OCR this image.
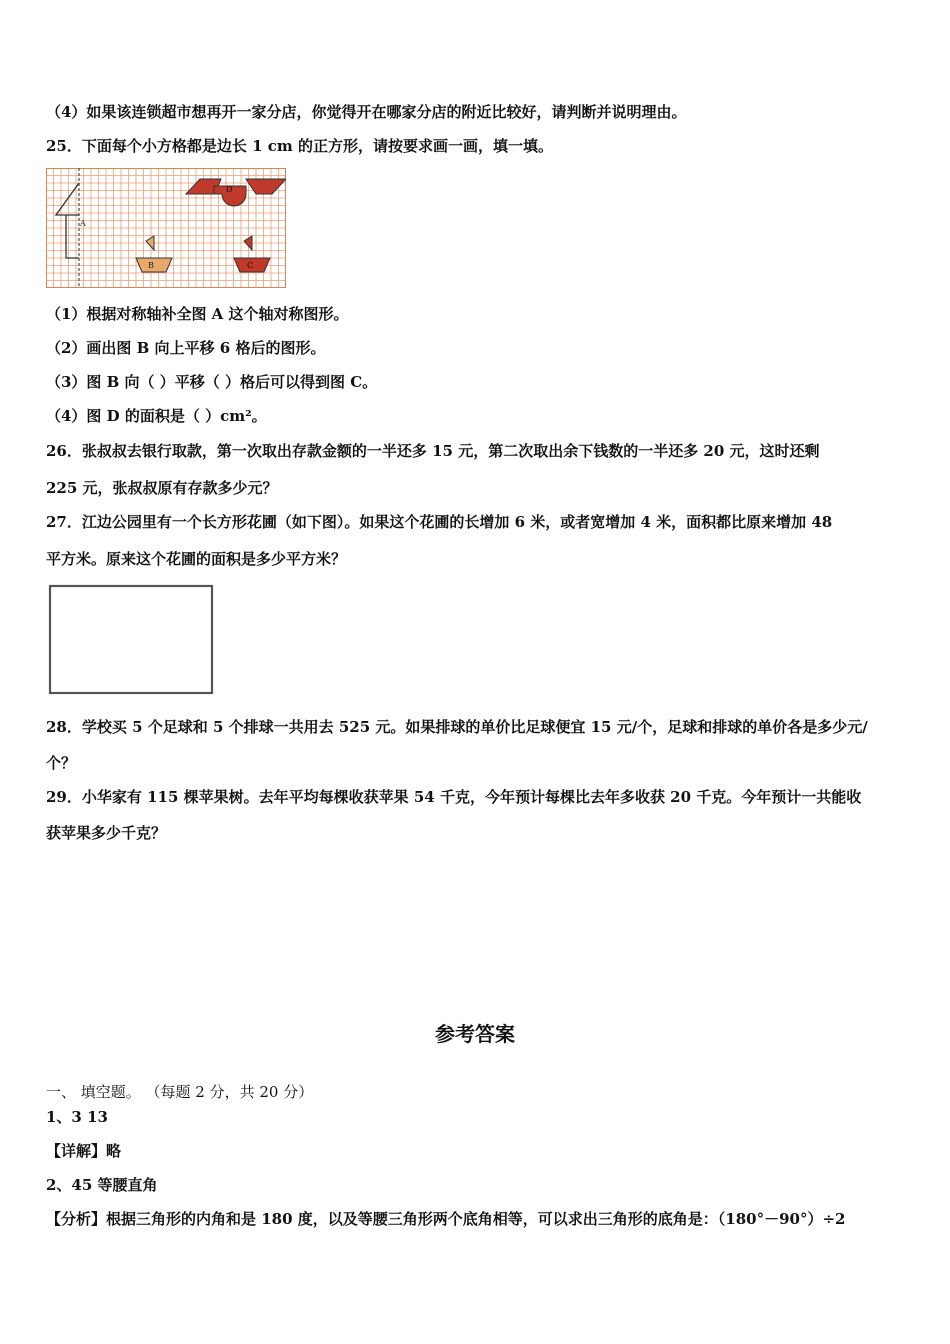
（4）如果该连锁超市想再开一家分店，你觉得开在哪家分店的附近比较好，请判断并说明理由。
25．下面每个小方格都是边长 1 cm 的正方形，请按要求画一画，填一填。
A
B	C
D
（1）根据对称轴补全图 A 这个轴对称图形。
（2）画出图 B 向上平移 6 格后的图形。
（3）图 B 向（ ）平移（ ）格后可以得到图 C。
（4）图 D 的面积是（ ）cm²。
26．张叔叔去银行取款，第一次取出存款金额的一半还多 15 元，第二次取出余下钱数的一半还多 20 元，这时还剩
225 元，张叔叔原有存款多少元？
27．江边公园里有一个长方形花圃（如下图）。如果这个花圃的长增加 6 米，或者宽增加 4 米，面积都比原来增加 48
平方米。原来这个花圃的面积是多少平方米？
28．学校买 5 个足球和 5 个排球一共用去 525 元。如果排球的单价比足球便宜 15 元/个，足球和排球的单价各是多少元/
个？
29．小华家有 115 棵苹果树。去年平均每棵收获苹果 54 千克，今年预计每棵比去年多收获 20 千克。今年预计一共能收
获苹果多少千克？
参考答案
一、 填空题。 （每题 2 分，共 20 分）
1、3 13
【详解】略
2、45 等腰直角
【分析】根据三角形的内角和是 180 度，以及等腰三角形两个底角相等，可以求出三角形的底角是：（180°－90°）÷2
